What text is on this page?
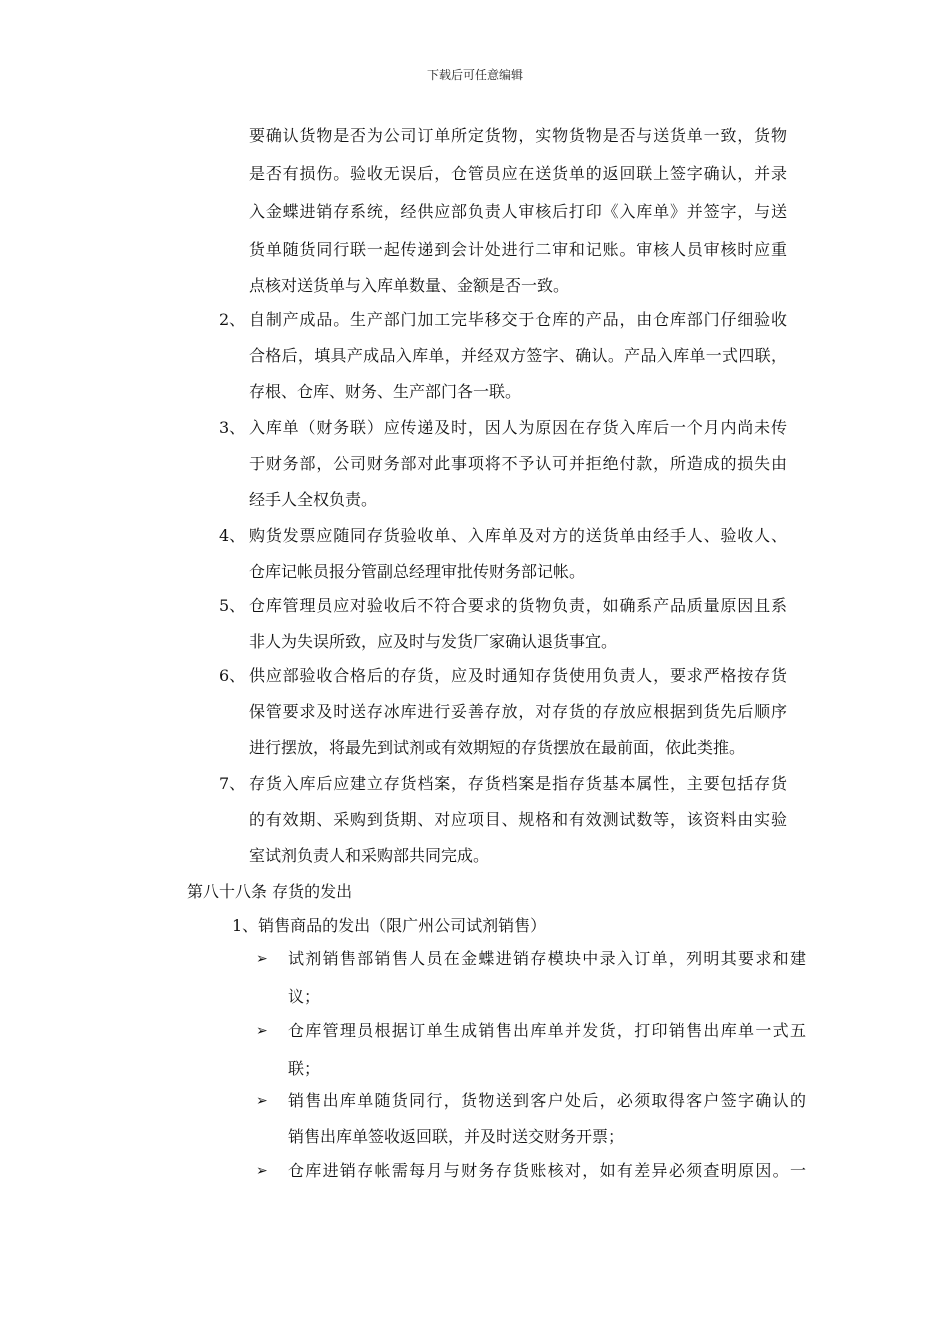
下载后可任意编辑
要确认货物是否为公司订单所定货物，实物货物是否与送货单一致，货物
是否有损伤。验收无误后，仓管员应在送货单的返回联上签字确认，并录
入金蝶进销存系统，经供应部负责人审核后打印《入库单》并签字，与送
货单随货同行联一起传递到会计处进行二审和记账。审核人员审核时应重
点核对送货单与入库单数量、金额是否一致。
2、 自制产成品。生产部门加工完毕移交于仓库的产品，由仓库部门仔细验收
合格后，填具产成品入库单，并经双方签字、确认。产品入库单一式四联，
存根、仓库、财务、生产部门各一联。
3、 入库单（财务联）应传递及时，因人为原因在存货入库后一个月内尚未传
于财务部，公司财务部对此事项将不予认可并拒绝付款，所造成的损失由
经手人全权负责。
4、 购货发票应随同存货验收单、入库单及对方的送货单由经手人、验收人、
仓库记帐员报分管副总经理审批传财务部记帐。
5、 仓库管理员应对验收后不符合要求的货物负责，如确系产品质量原因且系
非人为失误所致，应及时与发货厂家确认退货事宜。
6、 供应部验收合格后的存货，应及时通知存货使用负责人，要求严格按存货
保管要求及时送存冰库进行妥善存放，对存货的存放应根据到货先后顺序
进行摆放，将最先到试剂或有效期短的存货摆放在最前面，依此类推。
7、 存货入库后应建立存货档案，存货档案是指存货基本属性，主要包括存货
的有效期、采购到货期、对应项目、规格和有效测试数等，该资料由实验
室试剂负责人和采购部共同完成。
第八十八条 存货的发出
1、销售商品的发出（限广州公司试剂销售）
➢ 试剂销售部销售人员在金蝶进销存模块中录入订单，列明其要求和建
议；
➢ 仓库管理员根据订单生成销售出库单并发货，打印销售出库单一式五
联；
➢ 销售出库单随货同行，货物送到客户处后，必须取得客户签字确认的
销售出库单签收返回联，并及时送交财务开票；
➢ 仓库进销存帐需每月与财务存货账核对，如有差异必须查明原因。一
